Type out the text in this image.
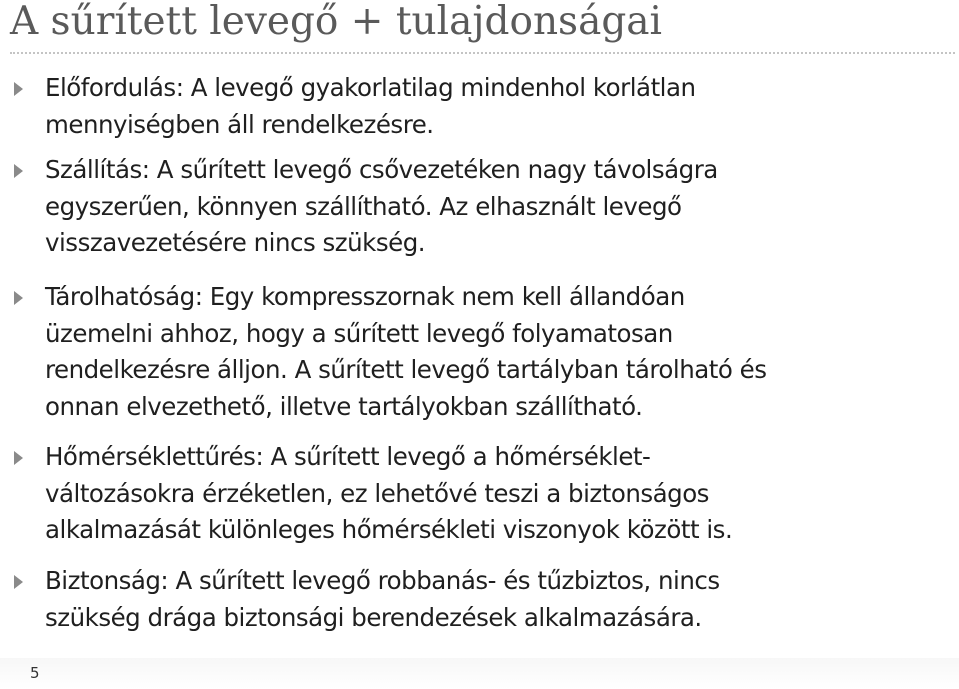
A sűrített levegő + tulajdonságai
Előfordulás: A levegő gyakorlatilag mindenhol korlátlan
mennyiségben áll rendelkezésre.
Szállítás: A sűrített levegő csővezetéken nagy távolságra
egyszerűen, könnyen szállítható. Az elhasznált levegő
visszavezetésére nincs szükség.
Tárolhatóság: Egy kompresszornak nem kell állandóan
üzemelni ahhoz, hogy a sűrített levegő folyamatosan
rendelkezésre álljon. A sűrített levegő tartályban tárolható és
onnan elvezethető, illetve tartályokban szállítható.
Hőmérséklettűrés: A sűrített levegő a hőmérséklet-
változásokra érzéketlen, ez lehetővé teszi a biztonságos
alkalmazását különleges hőmérsékleti viszonyok között is.
Biztonság: A sűrített levegő robbanás- és tűzbiztos, nincs
szükség drága biztonsági berendezések alkalmazására.
5
